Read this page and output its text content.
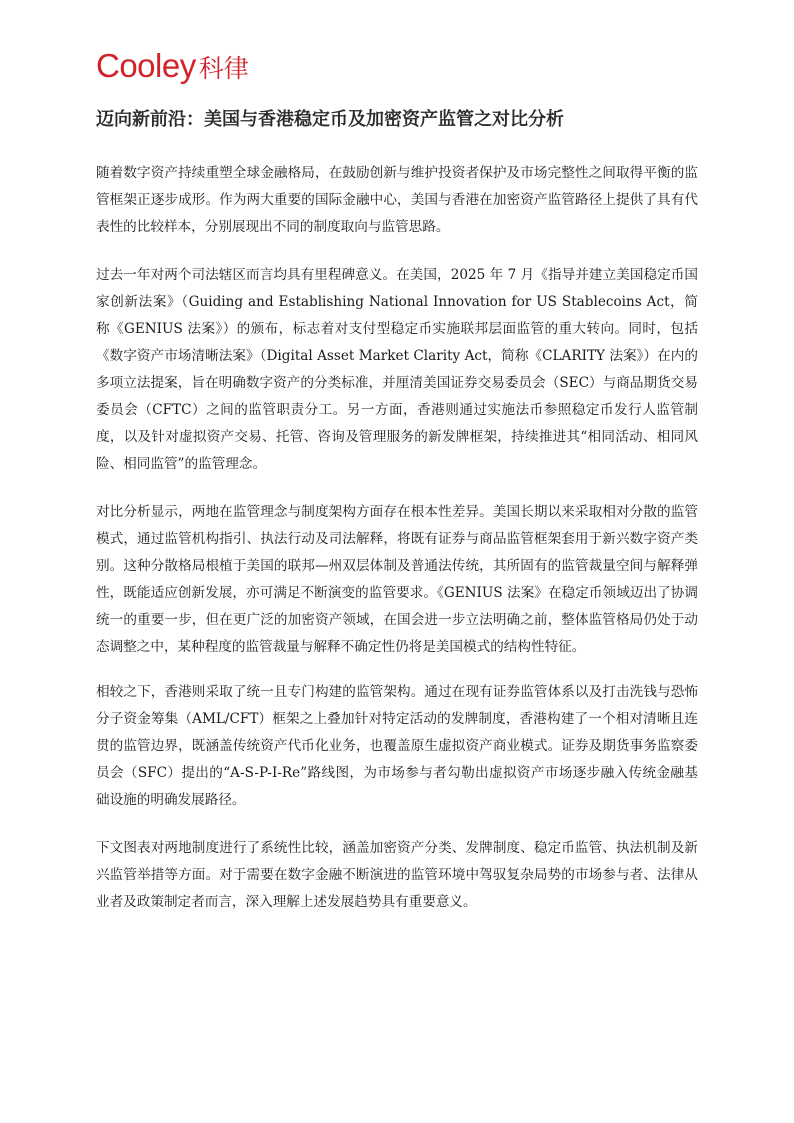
Cooley 科律
迈向新前沿：美国与香港稳定币及加密资产监管之对比分析

随着数字资产持续重塑全球金融格局，在鼓励创新与维护投资者保护及市场完整性之间取得平衡的监管框架正逐步成形。作为两大重要的国际金融中心，美国与香港在加密资产监管路径上提供了具有代表性的比较样本，分别展现出不同的制度取向与监管思路。

过去一年对两个司法辖区而言均具有里程碑意义。在美国，2025 年 7 月《指导并建立美国稳定币国家创新法案》（Guiding and Establishing National Innovation for US Stablecoins Act，简称《GENIUS 法案》）的颁布，标志着对支付型稳定币实施联邦层面监管的重大转向。同时，包括《数字资产市场清晰法案》（Digital Asset Market Clarity Act，简称《CLARITY 法案》）在内的多项立法提案，旨在明确数字资产的分类标准，并厘清美国证券交易委员会（SEC）与商品期货交易委员会（CFTC）之间的监管职责分工。另一方面，香港则通过实施法币参照稳定币发行人监管制度，以及针对虚拟资产交易、托管、咨询及管理服务的新发牌框架，持续推进其“相同活动、相同风险、相同监管”的监管理念。

对比分析显示，两地在监管理念与制度架构方面存在根本性差异。美国长期以来采取相对分散的监管模式，通过监管机构指引、执法行动及司法解释，将既有证券与商品监管框架套用于新兴数字资产类别。这种分散格局根植于美国的联邦—州双层体制及普通法传统，其所固有的监管裁量空间与解释弹性，既能适应创新发展，亦可满足不断演变的监管要求。《GENIUS 法案》在稳定币领域迈出了协调统一的重要一步，但在更广泛的加密资产领域，在国会进一步立法明确之前，整体监管格局仍处于动态调整之中，某种程度的监管裁量与解释不确定性仍将是美国模式的结构性特征。

相较之下，香港则采取了统一且专门构建的监管架构。通过在现有证券监管体系以及打击洗钱与恐怖分子资金筹集（AML/CFT）框架之上叠加针对特定活动的发牌制度，香港构建了一个相对清晰且连贯的监管边界，既涵盖传统资产代币化业务，也覆盖原生虚拟资产商业模式。证券及期货事务监察委员会（SFC）提出的“A-S-P-I-Re”路线图，为市场参与者勾勒出虚拟资产市场逐步融入传统金融基础设施的明确发展路径。

下文图表对两地制度进行了系统性比较，涵盖加密资产分类、发牌制度、稳定币监管、执法机制及新兴监管举措等方面。对于需要在数字金融不断演进的监管环境中驾驭复杂局势的市场参与者、法律从业者及政策制定者而言，深入理解上述发展趋势具有重要意义。
